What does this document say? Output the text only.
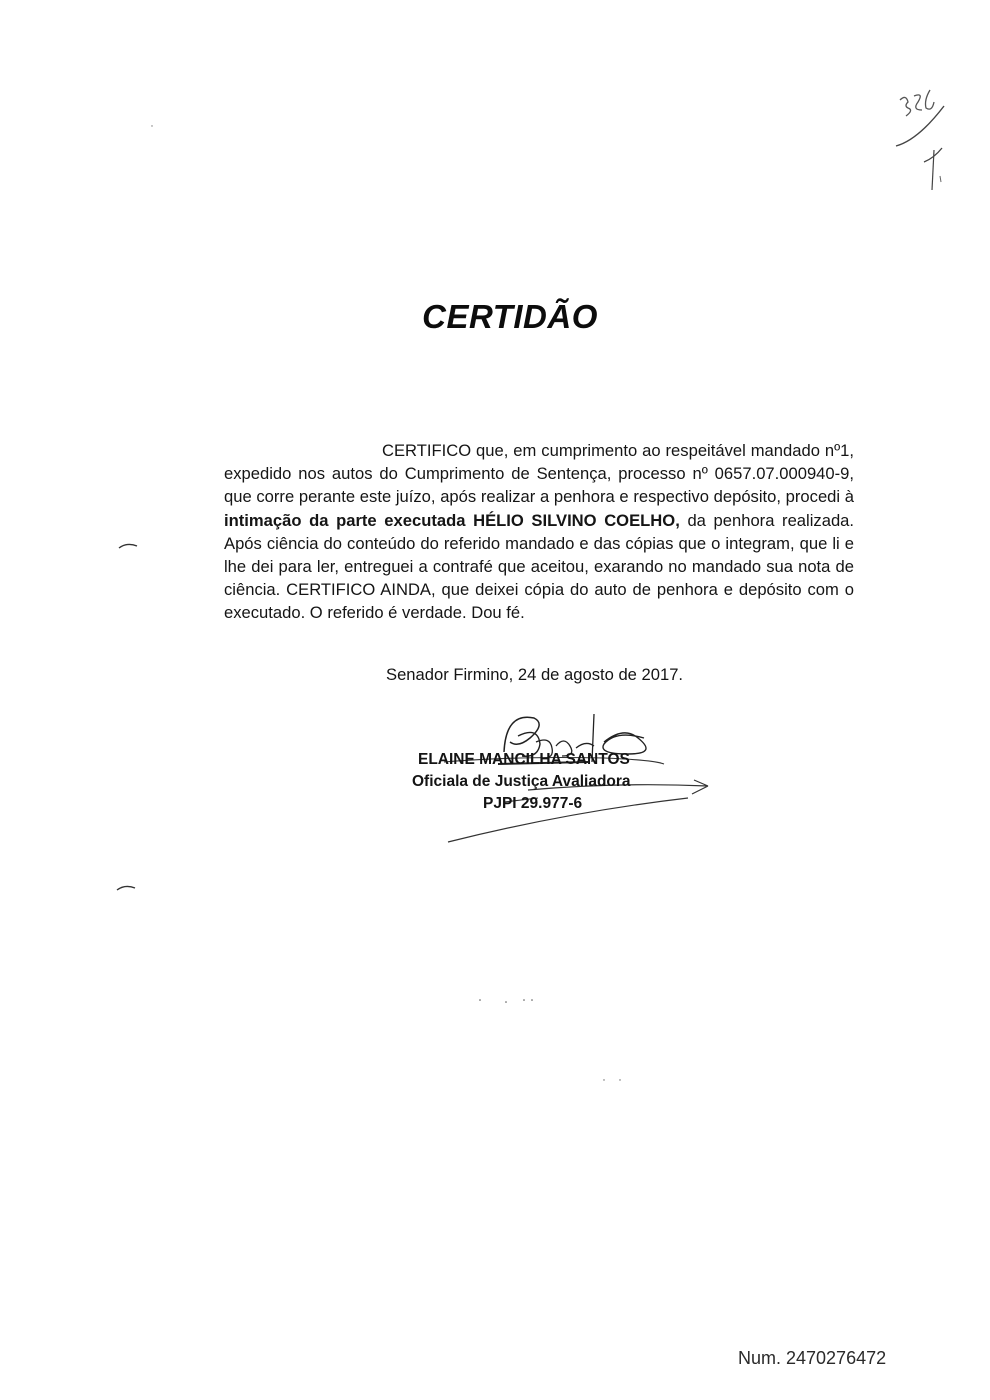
CERTIDÃO
CERTIFICO que, em cumprimento ao respeitável mandado nº1, expedido nos autos do Cumprimento de Sentença, processo nº 0657.07.000940-9, que corre perante este juízo, após realizar a penhora e respectivo depósito, procedi à intimação da parte executada HÉLIO SILVINO COELHO, da penhora realizada. Após ciência do conteúdo do referido mandado e das cópias que o integram, que li e lhe dei para ler, entreguei a contrafé que aceitou, exarando no mandado sua nota de ciência. CERTIFICO AINDA, que deixei cópia do auto de penhora e depósito com o executado. O referido é verdade. Dou fé.
Senador Firmino, 24 de agosto de 2017.
ELAINE MANCILHA SANTOS
Oficiala de Justiça Avaliadora
PJPI 29.977-6
Num. 2470276472
